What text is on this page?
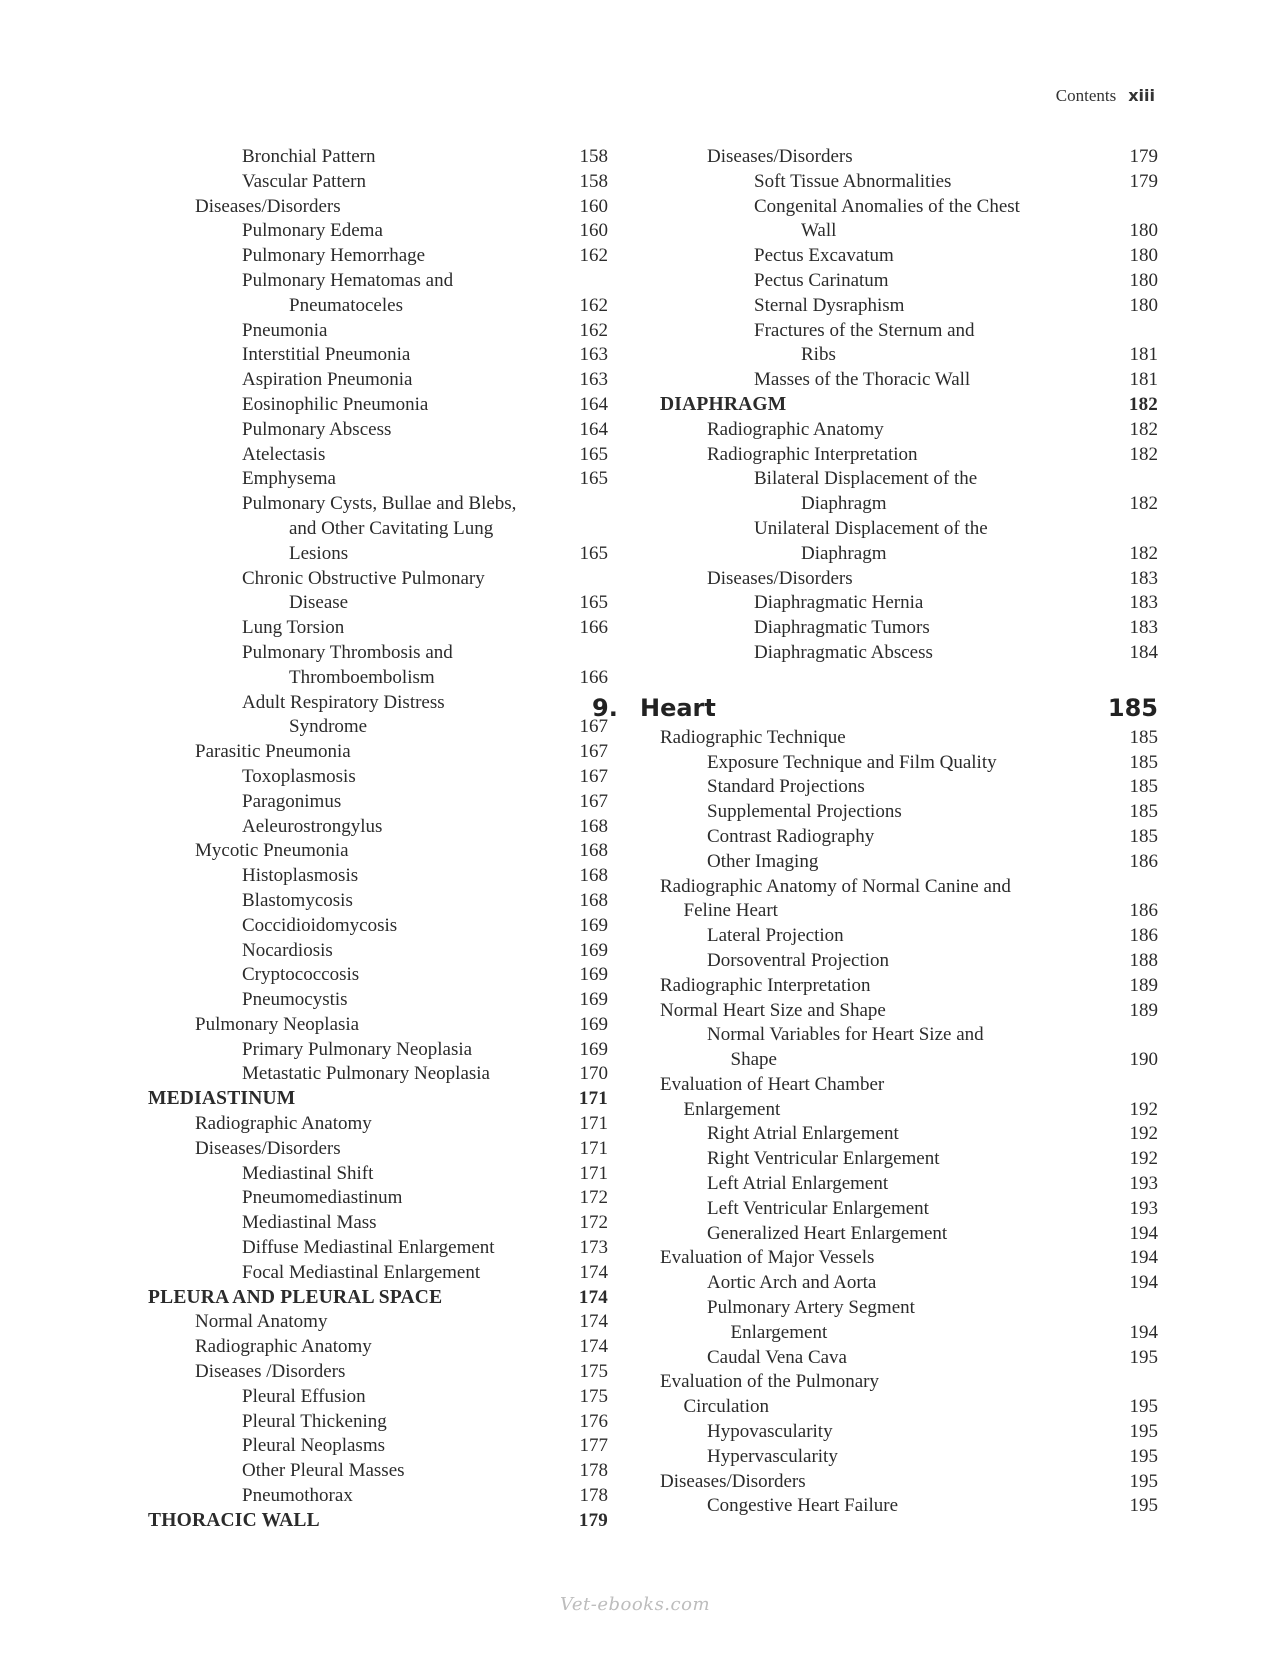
Contents xiii
Bronchial Pattern	158
Vascular Pattern	158
Diseases/Disorders	160
Pulmonary Edema	160
Pulmonary Hemorrhage	162
Pulmonary Hematomas and
Pneumatoceles	162
Pneumonia	162
Interstitial Pneumonia	163
Aspiration Pneumonia	163
Eosinophilic Pneumonia	164
Pulmonary Abscess	164
Atelectasis	165
Emphysema	165
Pulmonary Cysts, Bullae and Blebs,
and Other Cavitating Lung
Lesions	165
Chronic Obstructive Pulmonary
Disease	165
Lung Torsion	166
Pulmonary Thrombosis and
Thromboembolism	166
Adult Respiratory Distress
Syndrome	167
Parasitic Pneumonia	167
Toxoplasmosis	167
Paragonimus	167
Aeleurostrongylus	168
Mycotic Pneumonia	168
Histoplasmosis	168
Blastomycosis	168
Coccidioidomycosis	169
Nocardiosis	169
Cryptococcosis	169
Pneumocystis	169
Pulmonary Neoplasia	169
Primary Pulmonary Neoplasia	169
Metastatic Pulmonary Neoplasia	170
MEDIASTINUM	171
Radiographic Anatomy	171
Diseases/Disorders	171
Mediastinal Shift	171
Pneumomediastinum	172
Mediastinal Mass	172
Diffuse Mediastinal Enlargement	173
Focal Mediastinal Enlargement	174
PLEURA AND PLEURAL SPACE	174
Normal Anatomy	174
Radiographic Anatomy	174
Diseases /Disorders	175
Pleural Effusion	175
Pleural Thickening	176
Pleural Neoplasms	177
Other Pleural Masses	178
Pneumothorax	178
THORACIC WALL	179
Diseases/Disorders	179
Soft Tissue Abnormalities	179
Congenital Anomalies of the Chest
Wall	180
Pectus Excavatum	180
Pectus Carinatum	180
Sternal Dysraphism	180
Fractures of the Sternum and
Ribs	181
Masses of the Thoracic Wall	181
DIAPHRAGM	182
Radiographic Anatomy	182
Radiographic Interpretation	182
Bilateral Displacement of the
Diaphragm	182
Unilateral Displacement of the
Diaphragm	182
Diseases/Disorders	183
Diaphragmatic Hernia	183
Diaphragmatic Tumors	183
Diaphragmatic Abscess	184
9. Heart	185
Radiographic Technique	185
Exposure Technique and Film Quality	185
Standard Projections	185
Supplemental Projections	185
Contrast Radiography	185
Other Imaging	186
Radiographic Anatomy of Normal Canine and
Feline Heart	186
Lateral Projection	186
Dorsoventral Projection	188
Radiographic Interpretation	189
Normal Heart Size and Shape	189
Normal Variables for Heart Size and
Shape	190
Evaluation of Heart Chamber
Enlargement	192
Right Atrial Enlargement	192
Right Ventricular Enlargement	192
Left Atrial Enlargement	193
Left Ventricular Enlargement	193
Generalized Heart Enlargement	194
Evaluation of Major Vessels	194
Aortic Arch and Aorta	194
Pulmonary Artery Segment
Enlargement	194
Caudal Vena Cava	195
Evaluation of the Pulmonary
Circulation	195
Hypovascularity	195
Hypervascularity	195
Diseases/Disorders	195
Congestive Heart Failure	195
Vet-ebooks.com
